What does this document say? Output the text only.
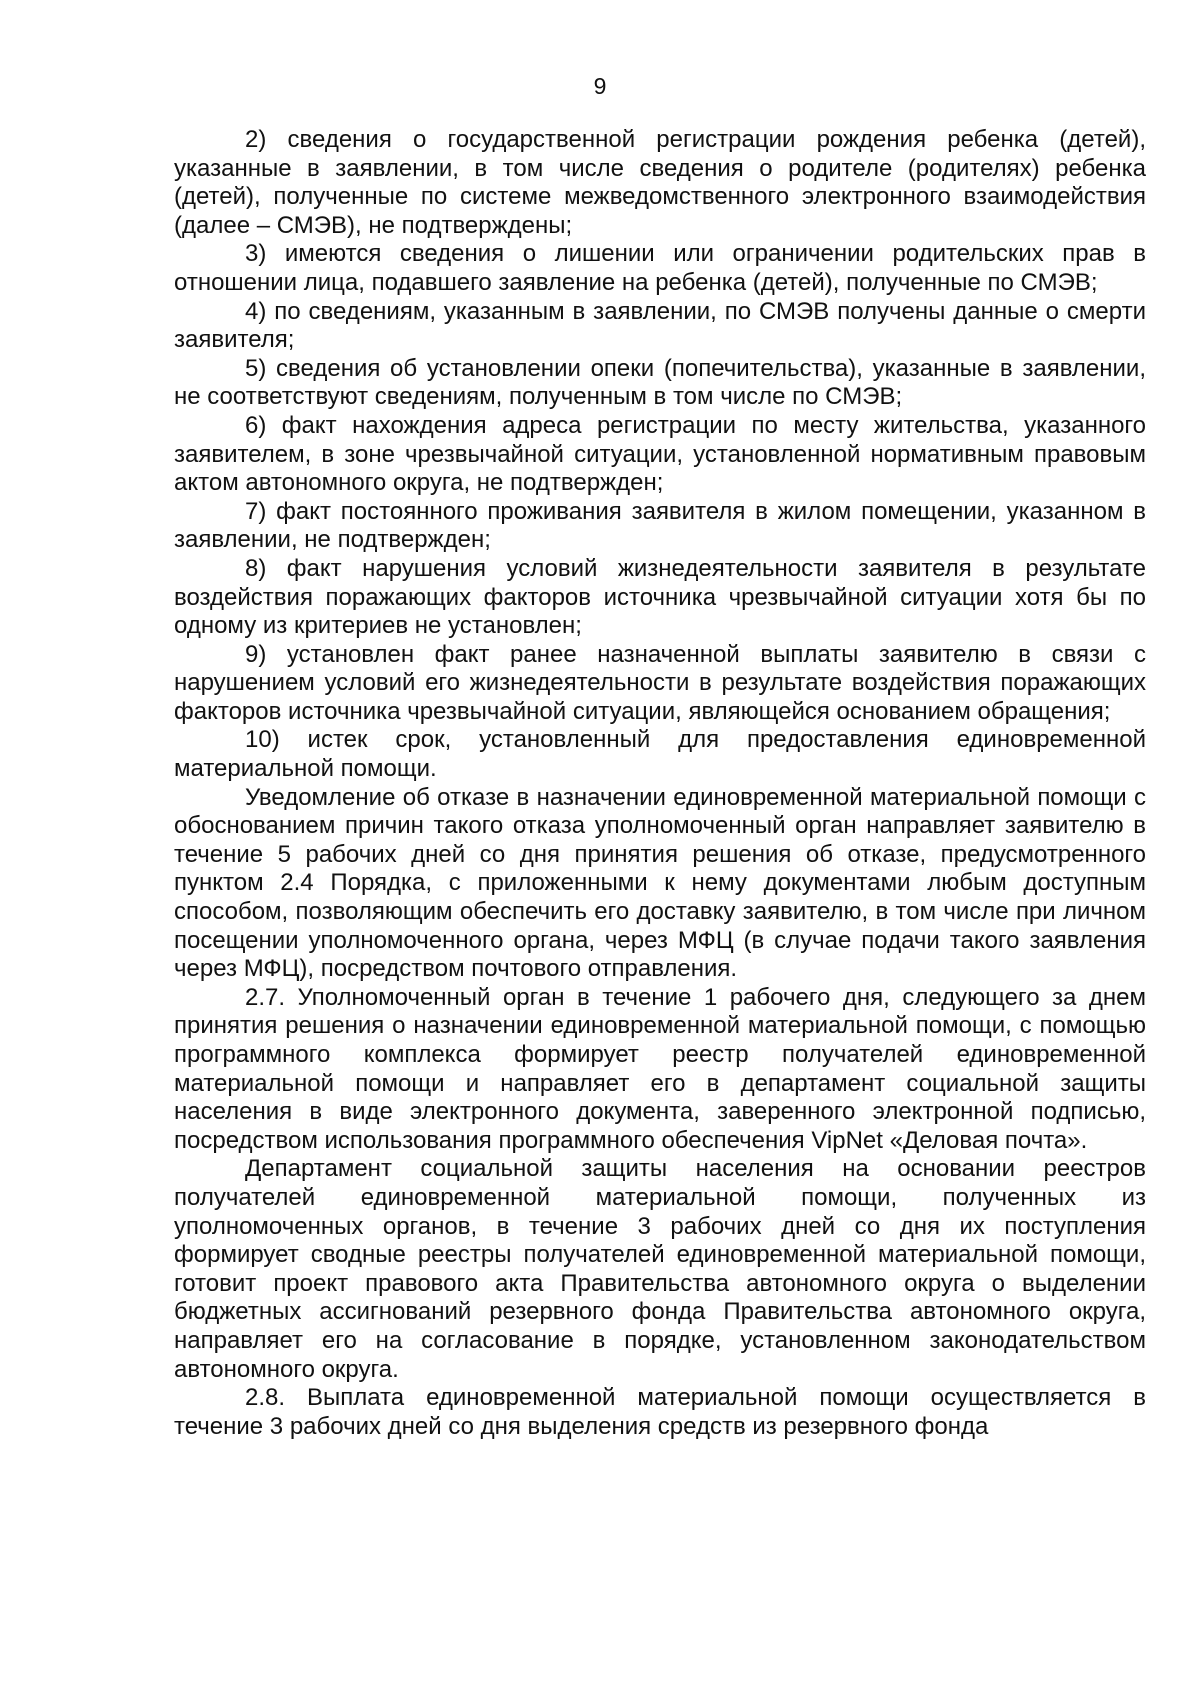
9

2) сведения о государственной регистрации рождения ребенка (детей), указанные в заявлении, в том числе сведения о родителе (родителях) ребенка (детей), полученные по системе межведомственного электронного взаимодействия (далее – СМЭВ), не подтверждены;

3) имеются сведения о лишении или ограничении родительских прав в отношении лица, подавшего заявление на ребенка (детей), полученные по СМЭВ;

4) по сведениям, указанным в заявлении, по СМЭВ получены данные о смерти заявителя;

5) сведения об установлении опеки (попечительства), указанные в заявлении, не соответствуют сведениям, полученным в том числе по СМЭВ;

6) факт нахождения адреса регистрации по месту жительства, указанного заявителем, в зоне чрезвычайной ситуации, установленной нормативным правовым актом автономного округа, не подтвержден;

7) факт постоянного проживания заявителя в жилом помещении, указанном в заявлении, не подтвержден;

8) факт нарушения условий жизнедеятельности заявителя в результате воздействия поражающих факторов источника чрезвычайной ситуации хотя бы по одному из критериев не установлен;

9) установлен факт ранее назначенной выплаты заявителю в связи с нарушением условий его жизнедеятельности в результате воздействия поражающих факторов источника чрезвычайной ситуации, являющейся основанием обращения;

10) истек срок, установленный для предоставления единовременной материальной помощи.

Уведомление об отказе в назначении единовременной материальной помощи с обоснованием причин такого отказа уполномоченный орган направляет заявителю в течение 5 рабочих дней со дня принятия решения об отказе, предусмотренного пунктом 2.4 Порядка, с приложенными к нему документами любым доступным способом, позволяющим обеспечить его доставку заявителю, в том числе при личном посещении уполномоченного органа, через МФЦ (в случае подачи такого заявления через МФЦ), посредством почтового отправления.

2.7. Уполномоченный орган в течение 1 рабочего дня, следующего за днем принятия решения о назначении единовременной материальной помощи, с помощью программного комплекса формирует реестр получателей единовременной материальной помощи и направляет его в департамент социальной защиты населения в виде электронного документа, заверенного электронной подписью, посредством использования программного обеспечения VipNet «Деловая почта».

Департамент социальной защиты населения на основании реестров получателей единовременной материальной помощи, полученных из уполномоченных органов, в течение 3 рабочих дней со дня их поступления формирует сводные реестры получателей единовременной материальной помощи, готовит проект правового акта Правительства автономного округа о выделении бюджетных ассигнований резервного фонда Правительства автономного округа, направляет его на согласование в порядке, установленном законодательством автономного округа.

2.8. Выплата единовременной материальной помощи осуществляется в течение 3 рабочих дней со дня выделения средств из резервного фонда
